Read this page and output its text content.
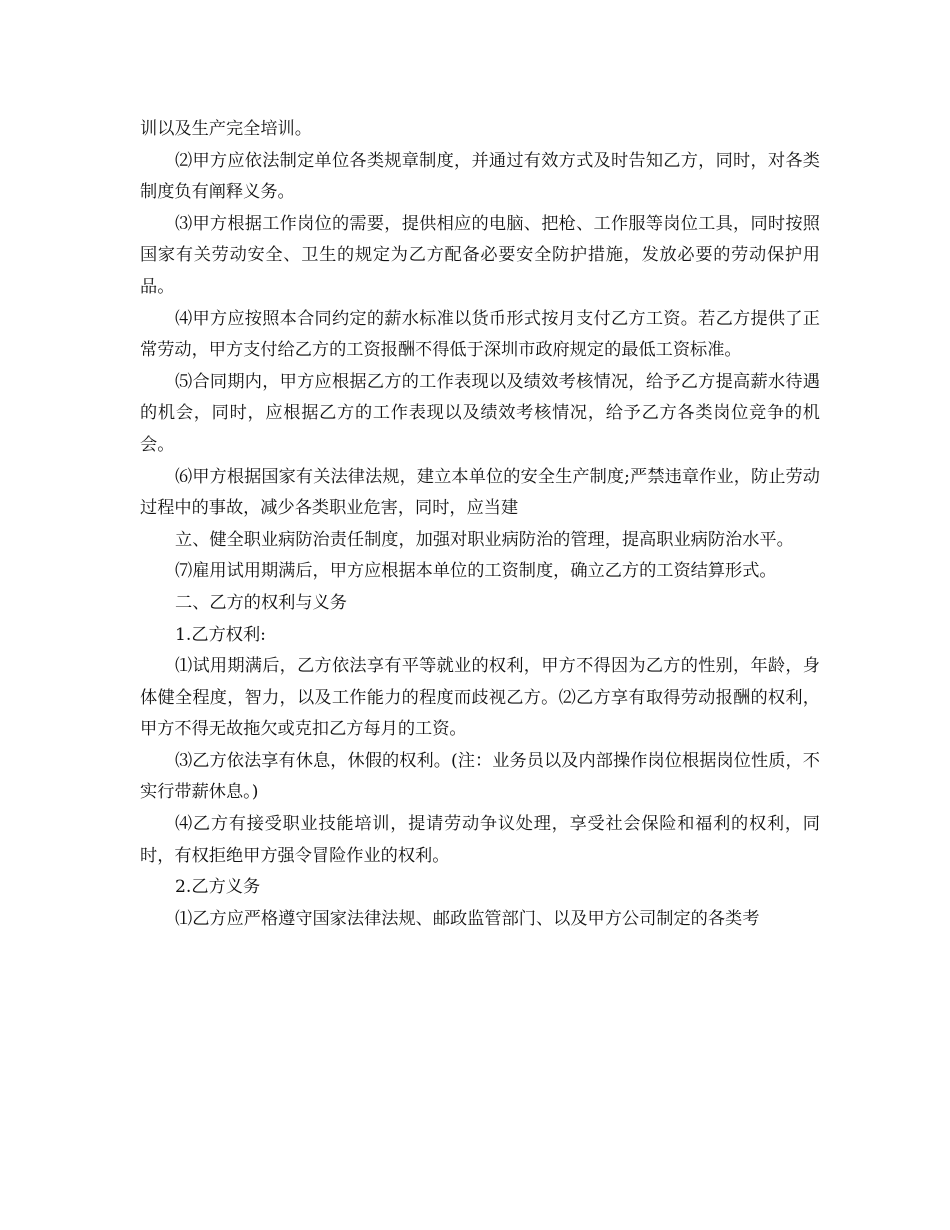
训以及生产完全培训。

⑵甲方应依法制定单位各类规章制度，并通过有效方式及时告知乙方，同时，对各类制度负有阐释义务。

⑶甲方根据工作岗位的需要，提供相应的电脑、把枪、工作服等岗位工具，同时按照国家有关劳动安全、卫生的规定为乙方配备必要安全防护措施，发放必要的劳动保护用品。

⑷甲方应按照本合同约定的薪水标准以货币形式按月支付乙方工资。若乙方提供了正常劳动，甲方支付给乙方的工资报酬不得低于深圳市政府规定的最低工资标准。

⑸合同期内，甲方应根据乙方的工作表现以及绩效考核情况，给予乙方提高薪水待遇的机会，同时，应根据乙方的工作表现以及绩效考核情况，给予乙方各类岗位竞争的机会。

⑹甲方根据国家有关法律法规，建立本单位的安全生产制度;严禁违章作业，防止劳动过程中的事故，减少各类职业危害，同时，应当建

立、健全职业病防治责任制度，加强对职业病防治的管理，提高职业病防治水平。

⑺雇用试用期满后，甲方应根据本单位的工资制度，确立乙方的工资结算形式。

二、乙方的权利与义务

1.乙方权利:

⑴试用期满后，乙方依法享有平等就业的权利，甲方不得因为乙方的性别，年龄，身体健全程度，智力，以及工作能力的程度而歧视乙方。⑵乙方享有取得劳动报酬的权利，甲方不得无故拖欠或克扣乙方每月的工资。

⑶乙方依法享有休息，休假的权利。(注：业务员以及内部操作岗位根据岗位性质，不实行带薪休息。)

⑷乙方有接受职业技能培训，提请劳动争议处理，享受社会保险和福利的权利，同时，有权拒绝甲方强令冒险作业的权利。

2.乙方义务

⑴乙方应严格遵守国家法律法规、邮政监管部门、以及甲方公司制定的各类考
